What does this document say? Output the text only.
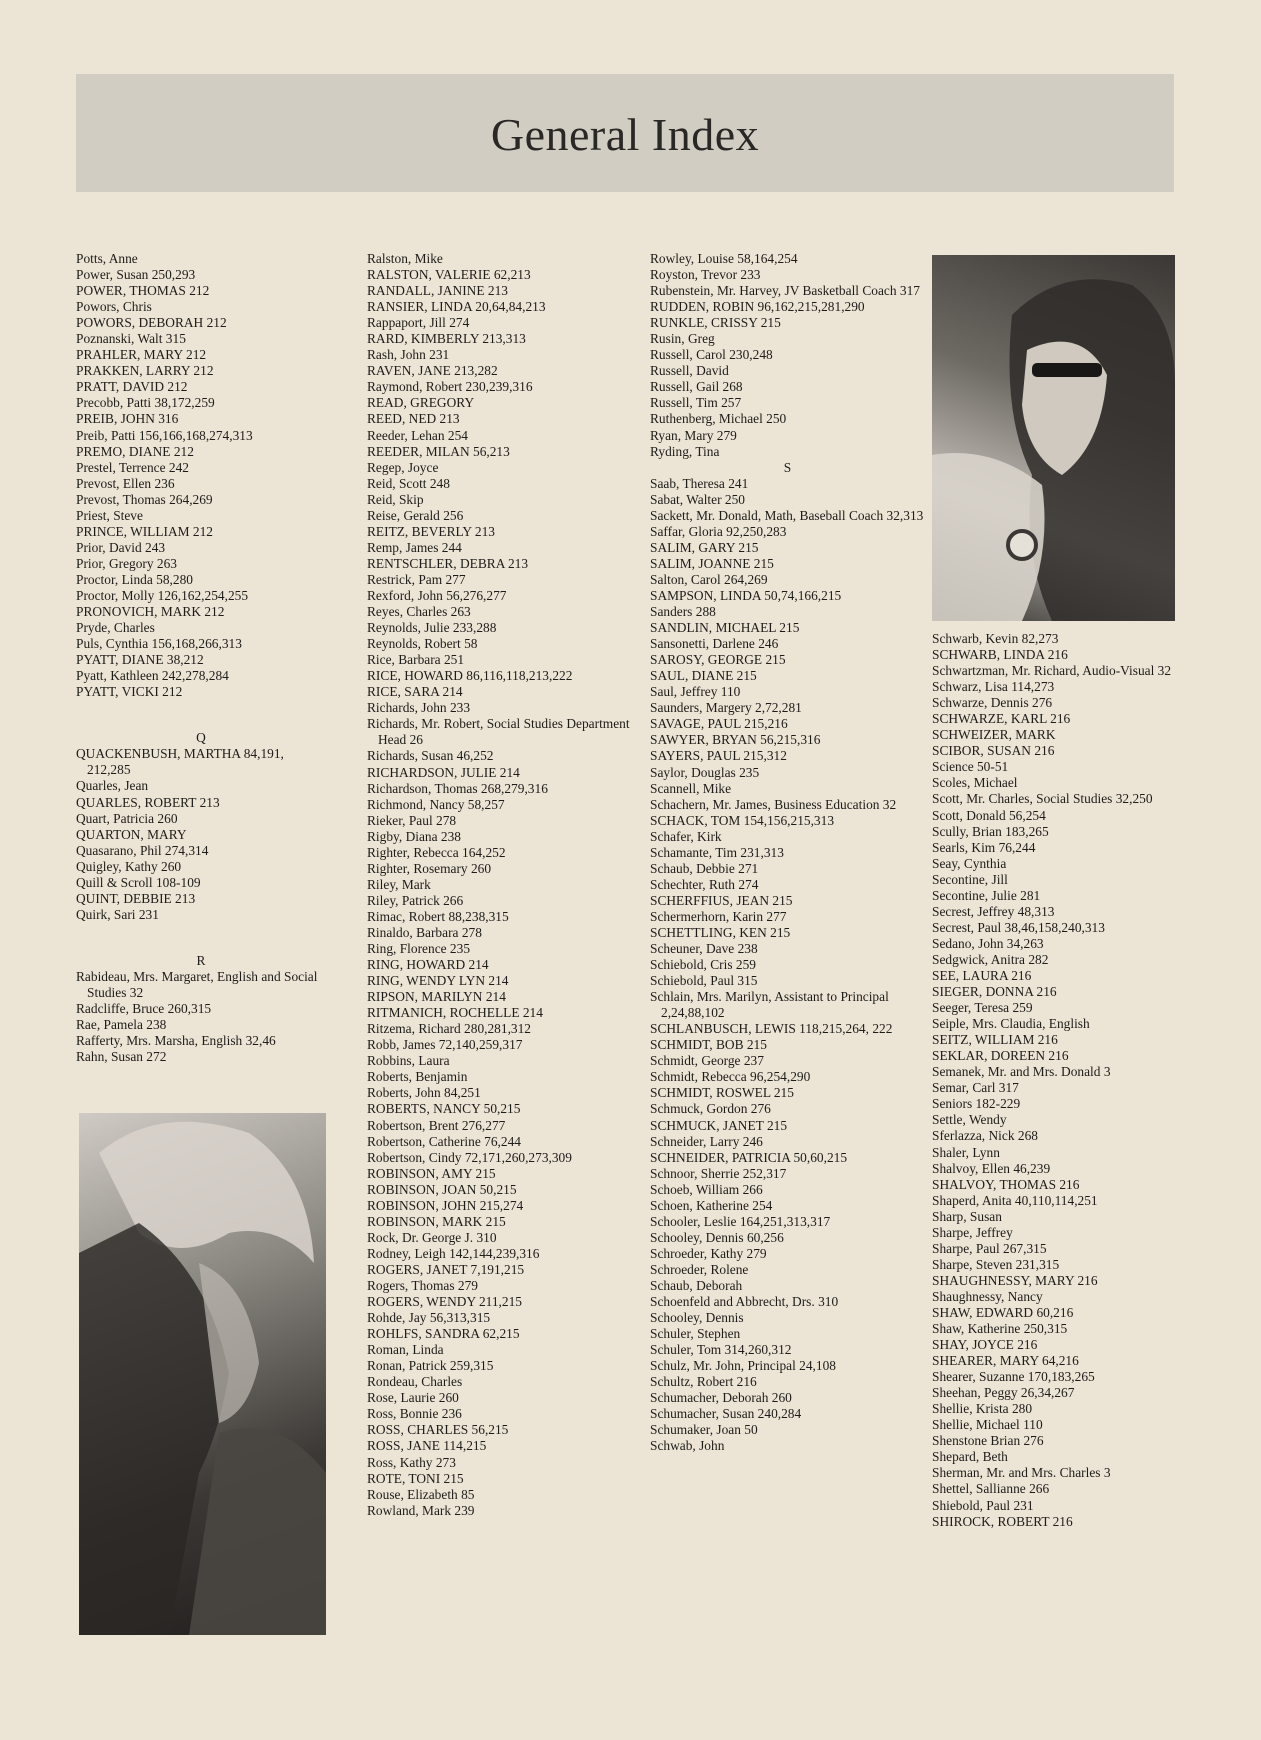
General Index

Potts, Anne

Power, Susan 250,293

POWER, THOMAS 212

Powors, Chris

POWORS, DEBORAH 212

Poznanski, Walt 315

PRAHLER, MARY 212

PRAKKEN, LARRY 212

PRATT, DAVID 212

Precobb, Patti 38,172,259

PREIB, JOHN 316

Preib, Patti 156,166,168,274,313

PREMO, DIANE 212

Prestel, Terrence 242

Prevost, Ellen 236

Prevost, Thomas 264,269

Priest, Steve

PRINCE, WILLIAM 212

Prior, David 243

Prior, Gregory 263

Proctor, Linda 58,280

Proctor, Molly 126,162,254,255

PRONOVICH, MARK 212

Pryde, Charles

Puls, Cynthia 156,168,266,313

PYATT, DIANE 38,212

Pyatt, Kathleen 242,278,284

PYATT, VICKI 212

Q

QUACKENBUSH, MARTHA 84,191, 212,285

Quarles, Jean

QUARLES, ROBERT 213

Quart, Patricia 260

QUARTON, MARY

Quasarano, Phil 274,314

Quigley, Kathy 260

Quill & Scroll 108-109

QUINT, DEBBIE 213

Quirk, Sari 231

R

Rabideau, Mrs. Margaret, English and Social Studies 32

Radcliffe, Bruce 260,315

Rae, Pamela 238

Rafferty, Mrs. Marsha, English 32,46

Rahn, Susan 272

Ralston, Mike

RALSTON, VALERIE 62,213

RANDALL, JANINE 213

RANSIER, LINDA 20,64,84,213

Rappaport, Jill 274

RARD, KIMBERLY 213,313

Rash, John 231

RAVEN, JANE 213,282

Raymond, Robert 230,239,316

READ, GREGORY

REED, NED 213

Reeder, Lehan 254

REEDER, MILAN 56,213

Regep, Joyce

Reid, Scott 248

Reid, Skip

Reise, Gerald 256

REITZ, BEVERLY 213

Remp, James 244

RENTSCHLER, DEBRA 213

Restrick, Pam 277

Rexford, John 56,276,277

Reyes, Charles 263

Reynolds, Julie 233,288

Reynolds, Robert 58

Rice, Barbara 251

RICE, HOWARD 86,116,118,213,222

RICE, SARA 214

Richards, John 233

Richards, Mr. Robert, Social Studies Department Head 26

Richards, Susan 46,252

RICHARDSON, JULIE 214

Richardson, Thomas 268,279,316

Richmond, Nancy 58,257

Rieker, Paul 278

Rigby, Diana 238

Righter, Rebecca 164,252

Righter, Rosemary 260

Riley, Mark

Riley, Patrick 266

Rimac, Robert 88,238,315

Rinaldo, Barbara 278

Ring, Florence 235

RING, HOWARD 214

RING, WENDY LYN 214

RIPSON, MARILYN 214

RITMANICH, ROCHELLE 214

Ritzema, Richard 280,281,312

Robb, James 72,140,259,317

Robbins, Laura

Roberts, Benjamin

Roberts, John 84,251

ROBERTS, NANCY 50,215

Robertson, Brent 276,277

Robertson, Catherine 76,244

Robertson, Cindy 72,171,260,273,309

ROBINSON, AMY 215

ROBINSON, JOAN 50,215

ROBINSON, JOHN 215,274

ROBINSON, MARK 215

Rock, Dr. George J. 310

Rodney, Leigh 142,144,239,316

ROGERS, JANET 7,191,215

Rogers, Thomas 279

ROGERS, WENDY 211,215

Rohde, Jay 56,313,315

ROHLFS, SANDRA 62,215

Roman, Linda

Ronan, Patrick 259,315

Rondeau, Charles

Rose, Laurie 260

Ross, Bonnie 236

ROSS, CHARLES 56,215

ROSS, JANE 114,215

Ross, Kathy 273

ROTE, TONI 215

Rouse, Elizabeth 85

Rowland, Mark 239

Rowley, Louise 58,164,254

Royston, Trevor 233

Rubenstein, Mr. Harvey, JV Basketball Coach 317

RUDDEN, ROBIN 96,162,215,281,290

RUNKLE, CRISSY 215

Rusin, Greg

Russell, Carol 230,248

Russell, David

Russell, Gail 268

Russell, Tim 257

Ruthenberg, Michael 250

Ryan, Mary 279

Ryding, Tina

S

Saab, Theresa 241

Sabat, Walter 250

Sackett, Mr. Donald, Math, Baseball Coach 32,313

Saffar, Gloria 92,250,283

SALIM, GARY 215

SALIM, JOANNE 215

Salton, Carol 264,269

SAMPSON, LINDA 50,74,166,215

Sanders 288

SANDLIN, MICHAEL 215

Sansonetti, Darlene 246

SAROSY, GEORGE 215

SAUL, DIANE 215

Saul, Jeffrey 110

Saunders, Margery 2,72,281

SAVAGE, PAUL 215,216

SAWYER, BRYAN 56,215,316

SAYERS, PAUL 215,312

Saylor, Douglas 235

Scannell, Mike

Schachern, Mr. James, Business Education 32

SCHACK, TOM 154,156,215,313

Schafer, Kirk

Schamante, Tim 231,313

Schaub, Debbie 271

Schechter, Ruth 274

SCHERFFIUS, JEAN 215

Schermerhorn, Karin 277

SCHETTLING, KEN 215

Scheuner, Dave 238

Schiebold, Cris 259

Schiebold, Paul 315

Schlain, Mrs. Marilyn, Assistant to Principal 2,24,88,102

SCHLANBUSCH, LEWIS 118,215,264, 222

SCHMIDT, BOB 215

Schmidt, George 237

Schmidt, Rebecca 96,254,290

SCHMIDT, ROSWEL 215

Schmuck, Gordon 276

SCHMUCK, JANET 215

Schneider, Larry 246

SCHNEIDER, PATRICIA 50,60,215

Schnoor, Sherrie 252,317

Schoeb, William 266

Schoen, Katherine 254

Schooler, Leslie 164,251,313,317

Schooley, Dennis 60,256

Schroeder, Kathy 279

Schroeder, Rolene

Schaub, Deborah

Schoenfeld and Abbrecht, Drs. 310

Schooley, Dennis

Schuler, Stephen

Schuler, Tom 314,260,312

Schulz, Mr. John, Principal 24,108

Schultz, Robert 216

Schumacher, Deborah 260

Schumacher, Susan 240,284

Schumaker, Joan 50

Schwab, John

Schwarb, Kevin 82,273

SCHWARB, LINDA 216

Schwartzman, Mr. Richard, Audio-Visual 32

Schwarz, Lisa 114,273

Schwarze, Dennis 276

SCHWARZE, KARL 216

SCHWEIZER, MARK

SCIBOR, SUSAN 216

Science 50-51

Scoles, Michael

Scott, Mr. Charles, Social Studies 32,250

Scott, Donald 56,254

Scully, Brian 183,265

Searls, Kim 76,244

Seay, Cynthia

Secontine, Jill

Secontine, Julie 281

Secrest, Jeffrey 48,313

Secrest, Paul 38,46,158,240,313

Sedano, John 34,263

Sedgwick, Anitra 282

SEE, LAURA 216

SIEGER, DONNA 216

Seeger, Teresa 259

Seiple, Mrs. Claudia, English

SEITZ, WILLIAM 216

SEKLAR, DOREEN 216

Semanek, Mr. and Mrs. Donald 3

Semar, Carl 317

Seniors 182-229

Settle, Wendy

Sferlazza, Nick 268

Shaler, Lynn

Shalvoy, Ellen 46,239

SHALVOY, THOMAS 216

Shaperd, Anita 40,110,114,251

Sharp, Susan

Sharpe, Jeffrey

Sharpe, Paul 267,315

Sharpe, Steven 231,315

SHAUGHNESSY, MARY 216

Shaughnessy, Nancy

SHAW, EDWARD 60,216

Shaw, Katherine 250,315

SHAY, JOYCE 216

SHEARER, MARY 64,216

Shearer, Suzanne 170,183,265

Sheehan, Peggy 26,34,267

Shellie, Krista 280

Shellie, Michael 110

Shenstone Brian 276

Shepard, Beth

Sherman, Mr. and Mrs. Charles 3

Shettel, Sallianne 266

Shiebold, Paul 231

SHIROCK, ROBERT 216
